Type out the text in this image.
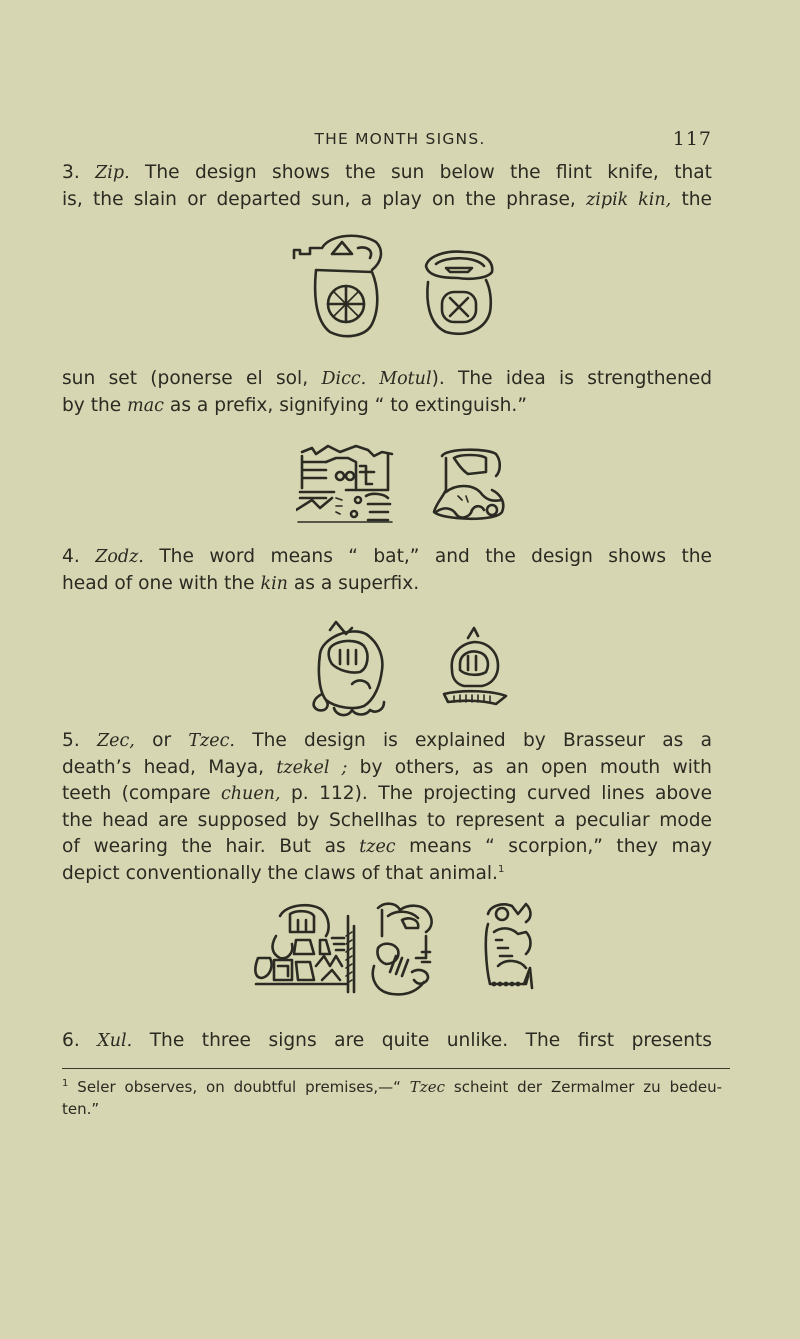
THE MONTH SIGNS.	117

3. Zip. The design shows the sun below the flint knife, that
is, the slain or departed sun, a play on the phrase, zipik kin, the

sun set (ponerse el sol, Dicc. Motul). The idea is strengthened
by the mac as a prefix, signifying “ to extinguish.”

4. Zodz. The word means “ bat,” and the design shows the
head of one with the kin as a superfix.

5. Zec, or Tzec. The design is explained by Brasseur as a
death’s head, Maya, tzekel ; by others, as an open mouth with
teeth (compare chuen, p. 112). The projecting curved lines above
the head are supposed by Schellhas to represent a peculiar mode
of wearing the hair. But as tzec means “ scorpion,” they may
depict conventionally the claws of that animal.$^1$

6. Xul. The three signs are quite unlike. The first presents

$^1$ Seler observes, on doubtful premises,—“ Tzec scheint der Zermalmer zu bedeu-
ten.”
